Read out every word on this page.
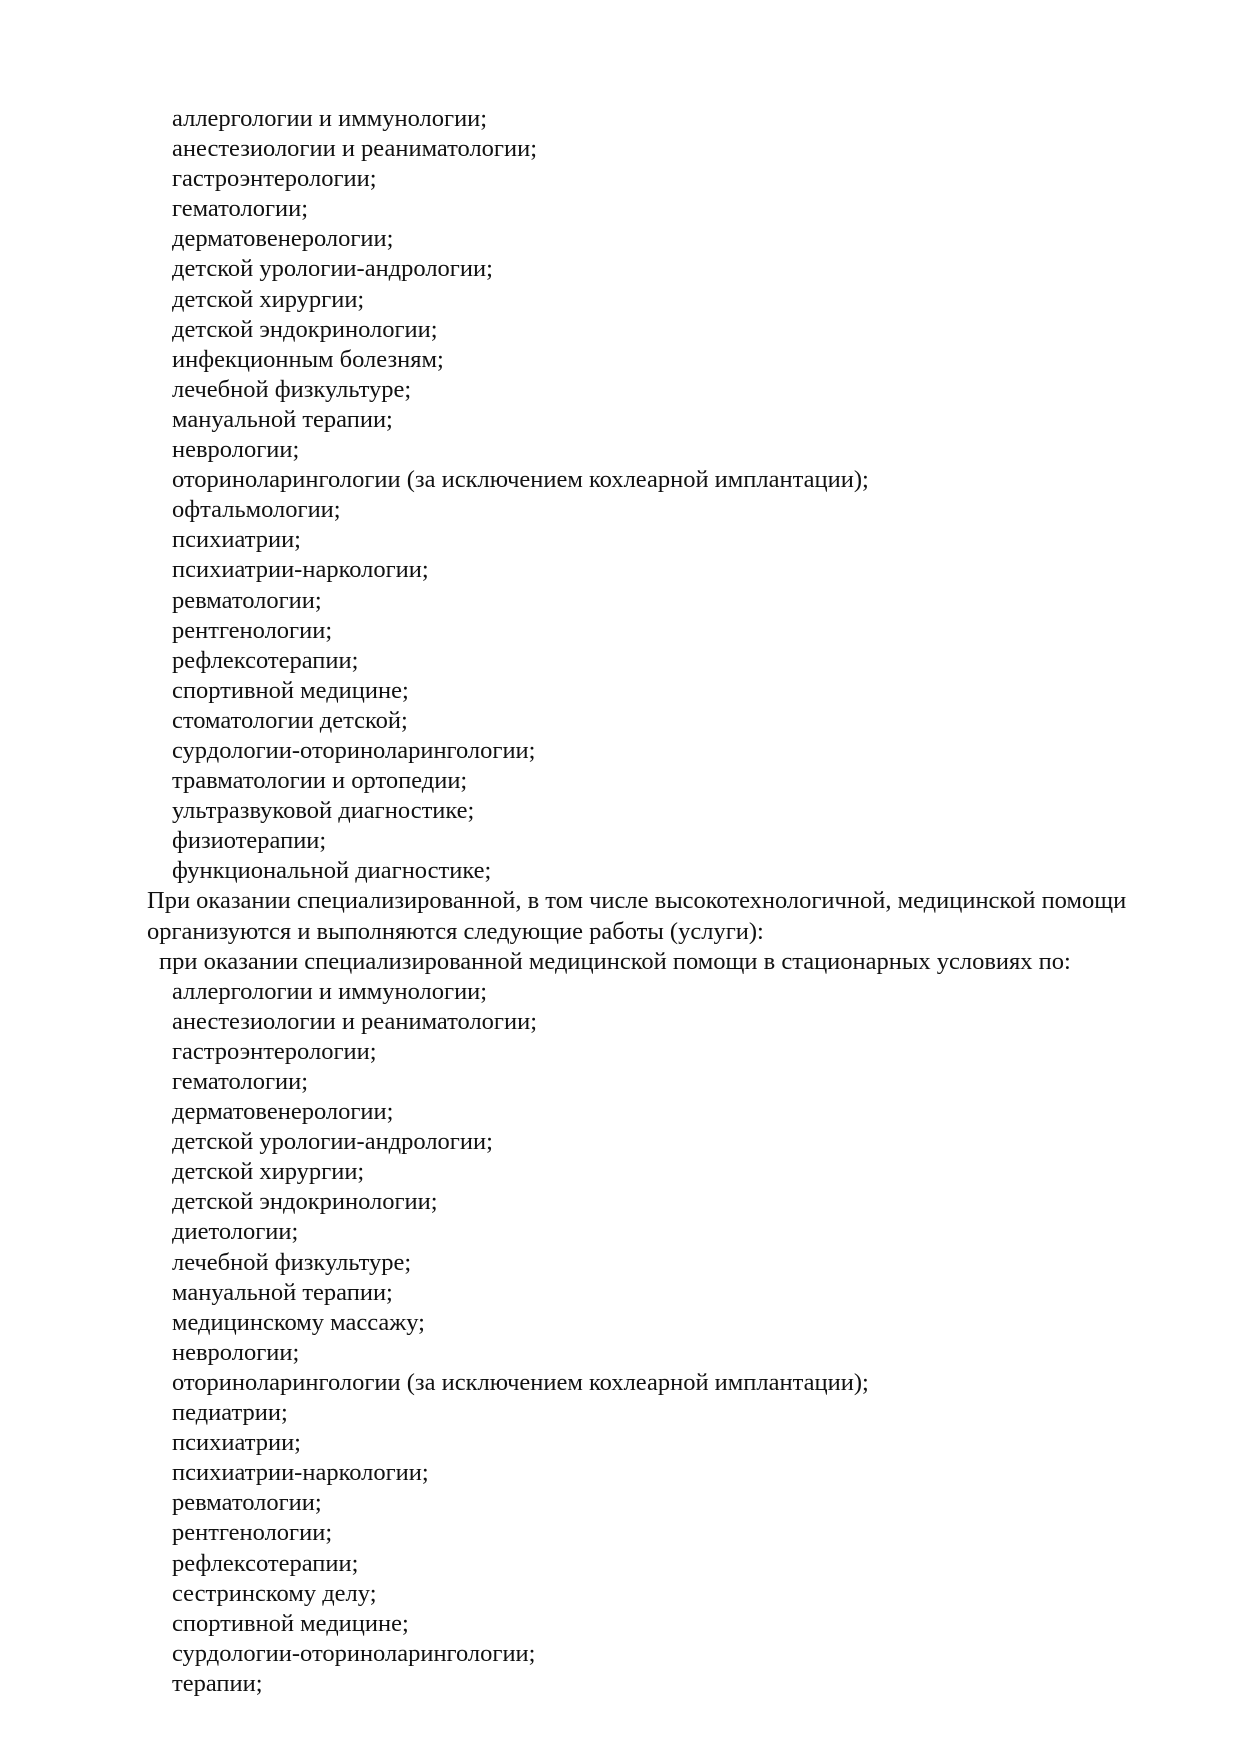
аллергологии и иммунологии;
анестезиологии и реаниматологии;
гастроэнтерологии;
гематологии;
дерматовенерологии;
детской урологии-андрологии;
детской хирургии;
детской эндокринологии;
инфекционным болезням;
лечебной физкультуре;
мануальной терапии;
неврологии;
оториноларингологии (за исключением кохлеарной имплантации);
офтальмологии;
психиатрии;
психиатрии-наркологии;
ревматологии;
рентгенологии;
рефлексотерапии;
спортивной медицине;
стоматологии детской;
сурдологии-оториноларингологии;
травматологии и ортопедии;
ультразвуковой диагностике;
физиотерапии;
функциональной диагностике;
При оказании специализированной, в том числе высокотехнологичной, медицинской помощи
организуются и выполняются следующие работы (услуги):
при оказании специализированной медицинской помощи в стационарных условиях по:
аллергологии и иммунологии;
анестезиологии и реаниматологии;
гастроэнтерологии;
гематологии;
дерматовенерологии;
детской урологии-андрологии;
детской хирургии;
детской эндокринологии;
диетологии;
лечебной физкультуре;
мануальной терапии;
медицинскому массажу;
неврологии;
оториноларингологии (за исключением кохлеарной имплантации);
педиатрии;
психиатрии;
психиатрии-наркологии;
ревматологии;
рентгенологии;
рефлексотерапии;
сестринскому делу;
спортивной медицине;
сурдологии-оториноларингологии;
терапии;
